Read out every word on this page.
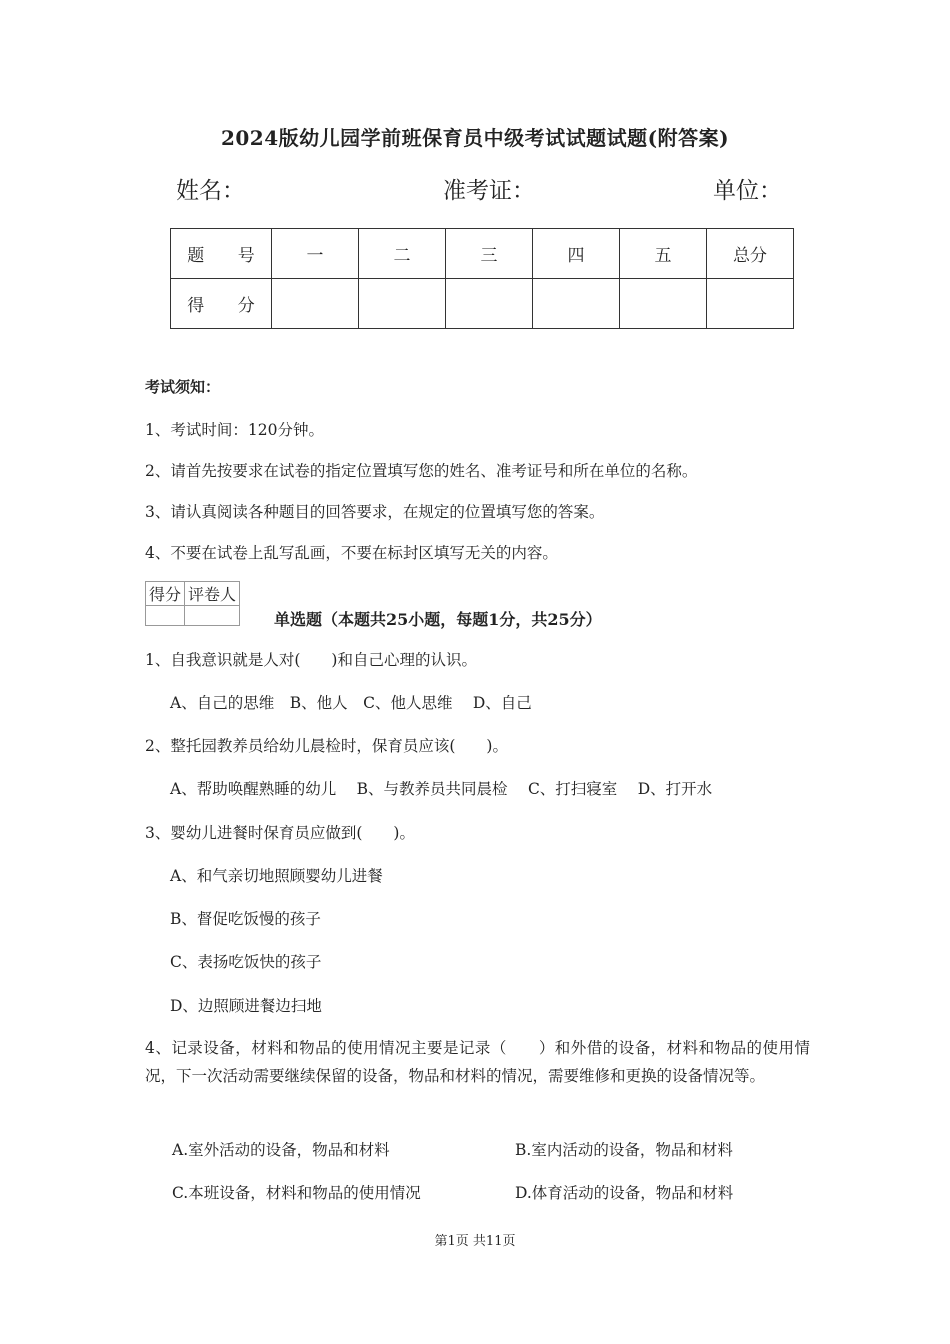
2024版幼儿园学前班保育员中级考试试题试题(附答案)
姓名：	准考证：	单位：
题 号	一	二	三	四	五	总分
得 分						
考试须知：
1、考试时间：120分钟。
2、请首先按要求在试卷的指定位置填写您的姓名、准考证号和所在单位的名称。
3、请认真阅读各种题目的回答要求，在规定的位置填写您的答案。
4、不要在试卷上乱写乱画，不要在标封区填写无关的内容。
得分	评卷人

单选题（本题共25小题，每题1分，共25分）
1、自我意识就是人对(　　)和自己心理的认识。
A、自己的思维　B、他人　C、他人思维　 D、自己
2、整托园教养员给幼儿晨检时，保育员应该(　　)。
A、帮助唤醒熟睡的幼儿　 B、与教养员共同晨检　 C、打扫寝室　 D、打开水
3、婴幼儿进餐时保育员应做到(　　)。
A、和气亲切地照顾婴幼儿进餐
B、督促吃饭慢的孩子
C、表扬吃饭快的孩子
D、边照顾进餐边扫地
4、记录设备，材料和物品的使用情况主要是记录（　　）和外借的设备，材料和物品的使用情况，下一次活动需要继续保留的设备，物品和材料的情况，需要维修和更换的设备情况等。
A.室外活动的设备，物品和材料	B.室内活动的设备，物品和材料
C.本班设备，材料和物品的使用情况	D.体育活动的设备，物品和材料
第1页 共11页
